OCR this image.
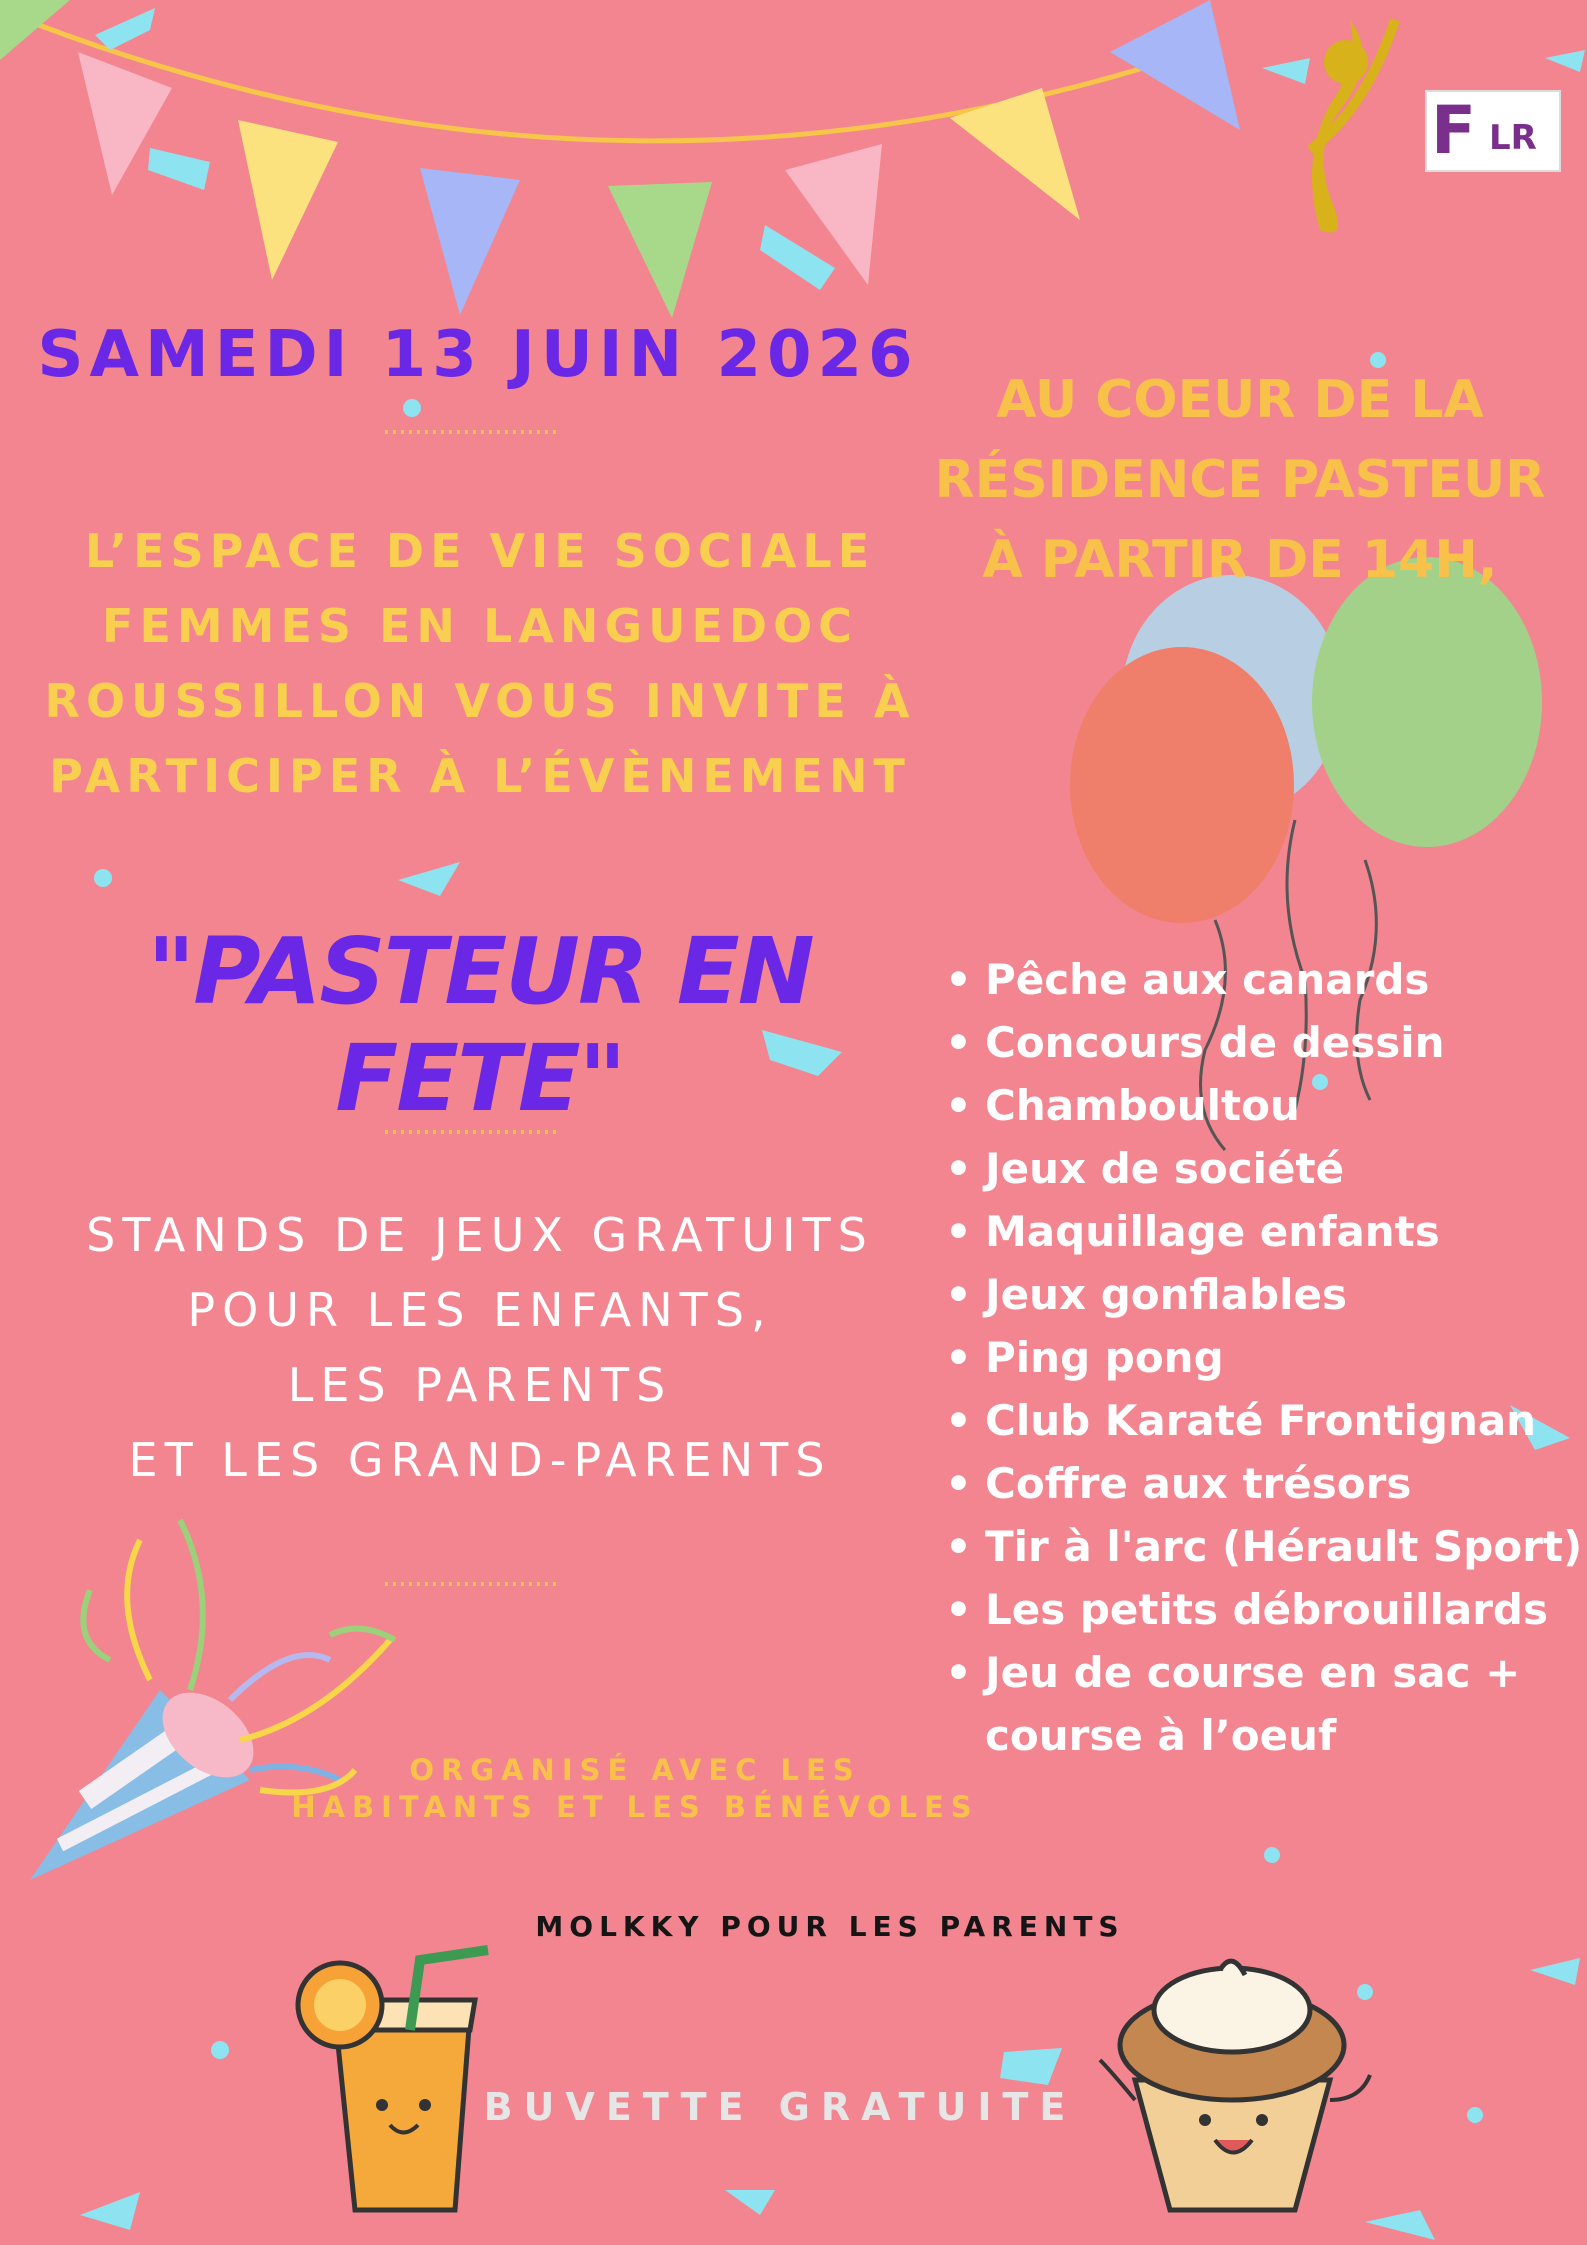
F LR
SAMEDI 13 JUIN 2026
L’ESPACE DE VIE SOCIALE
FEMMES EN LANGUEDOC
ROUSSILLON VOUS INVITE À
PARTICIPER À L’ÉVÈNEMENT
"PASTEUR EN FETE"
STANDS DE JEUX GRATUITS
POUR LES ENFANTS,
LES PARENTS
ET LES GRAND-PARENTS
AU COEUR DE LA
RÉSIDENCE PASTEUR
À PARTIR DE 14H,
• Pêche aux canards
• Concours de dessin
• Chamboultou
• Jeux de société
• Maquillage enfants
• Jeux gonflables
• Ping pong
• Club Karaté Frontignan
• Coffre aux trésors
• Tir à l'arc (Hérault Sport)
• Les petits débrouillards
• Jeu de course en sac +
course à l’oeuf
ORGANISÉ AVEC LES
HABITANTS ET LES BÉNÉVOLES
MOLKKY POUR LES PARENTS
BUVETTE GRATUITE
